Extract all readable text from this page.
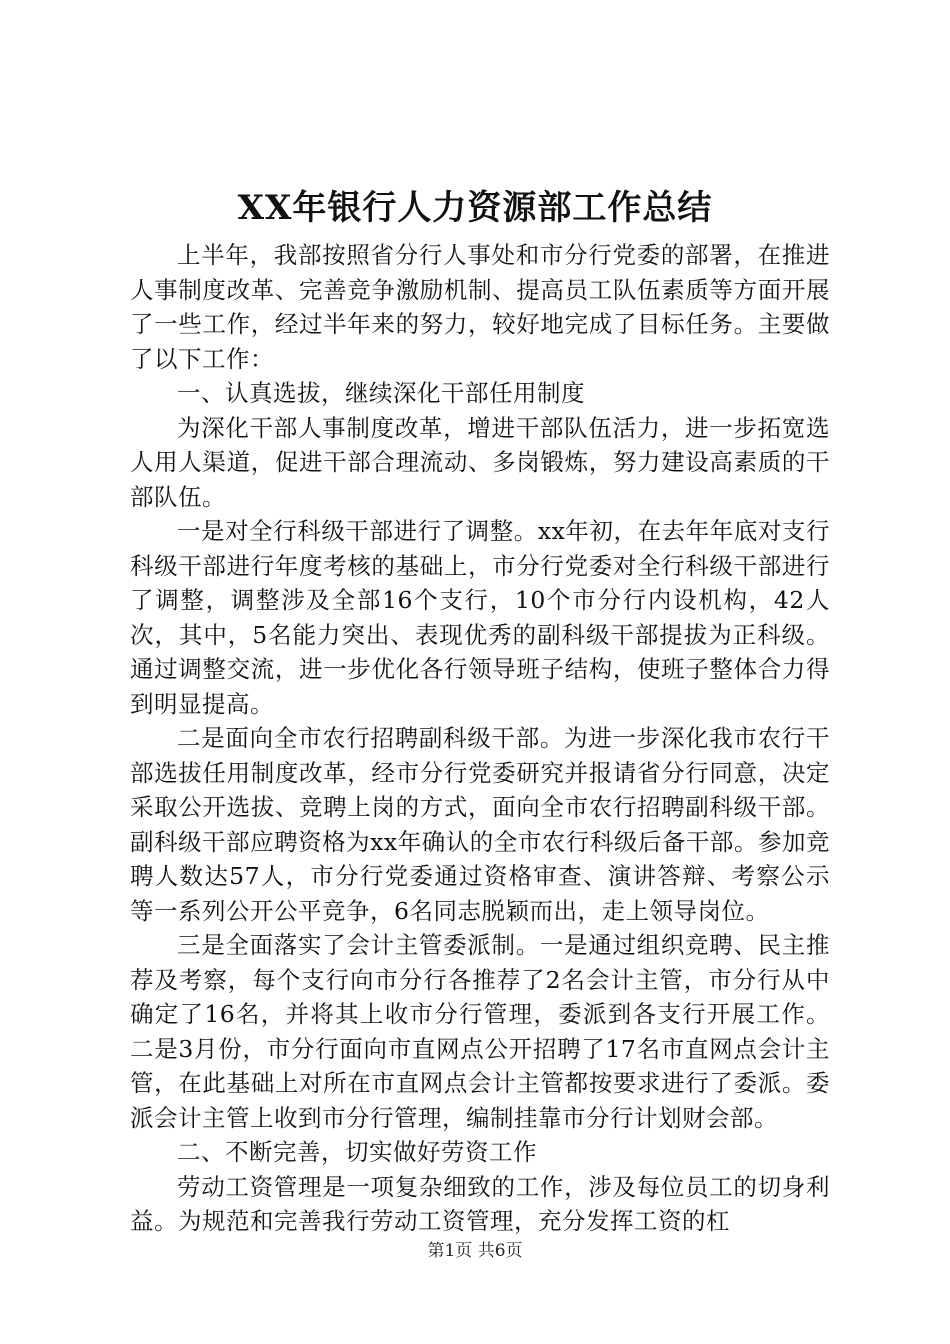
XX年银行人力资源部工作总结

上半年，我部按照省分行人事处和市分行党委的部署，在推进人事制度改革、完善竞争激励机制、提高员工队伍素质等方面开展了一些工作，经过半年来的努力，较好地完成了目标任务。主要做了以下工作：

一、认真选拔，继续深化干部任用制度

为深化干部人事制度改革，增进干部队伍活力，进一步拓宽选人用人渠道，促进干部合理流动、多岗锻炼，努力建设高素质的干部队伍。

一是对全行科级干部进行了调整。xx年初，在去年年底对支行科级干部进行年度考核的基础上，市分行党委对全行科级干部进行了调整，调整涉及全部16个支行，10个市分行内设机构，42人次，其中，5名能力突出、表现优秀的副科级干部提拔为正科级。通过调整交流，进一步优化各行领导班子结构，使班子整体合力得到明显提高。

二是面向全市农行招聘副科级干部。为进一步深化我市农行干部选拔任用制度改革，经市分行党委研究并报请省分行同意，决定采取公开选拔、竞聘上岗的方式，面向全市农行招聘副科级干部。副科级干部应聘资格为xx年确认的全市农行科级后备干部。参加竞聘人数达57人，市分行党委通过资格审查、演讲答辩、考察公示等一系列公开公平竞争，6名同志脱颖而出，走上领导岗位。

三是全面落实了会计主管委派制。一是通过组织竞聘、民主推荐及考察，每个支行向市分行各推荐了2名会计主管，市分行从中确定了16名，并将其上收市分行管理，委派到各支行开展工作。二是3月份，市分行面向市直网点公开招聘了17名市直网点会计主管，在此基础上对所在市直网点会计主管都按要求进行了委派。委派会计主管上收到市分行管理，编制挂靠市分行计划财会部。

二、不断完善，切实做好劳资工作

劳动工资管理是一项复杂细致的工作，涉及每位员工的切身利益。为规范和完善我行劳动工资管理，充分发挥工资的杠

第1页 共6页
